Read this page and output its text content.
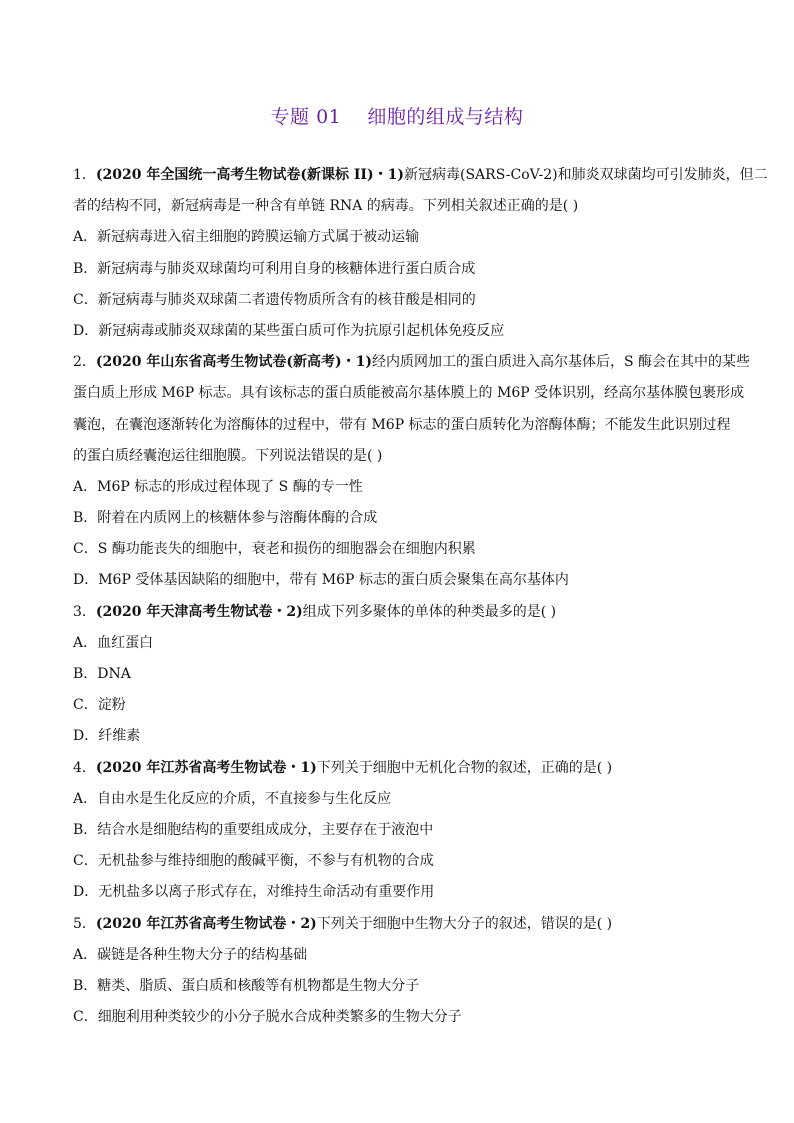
专题 01    细胞的组成与结构
1．(2020 年全国统一高考生物试卷(新课标 II)・1)新冠病毒(SARS-CoV-2)和肺炎双球菌均可引发肺炎，但二
者的结构不同，新冠病毒是一种含有单链 RNA 的病毒。下列相关叙述正确的是( )
A．新冠病毒进入宿主细胞的跨膜运输方式属于被动运输
B．新冠病毒与肺炎双球菌均可利用自身的核糖体进行蛋白质合成
C．新冠病毒与肺炎双球菌二者遗传物质所含有的核苷酸是相同的
D．新冠病毒或肺炎双球菌的某些蛋白质可作为抗原引起机体免疫反应
2．(2020 年山东省高考生物试卷(新高考)・1)经内质网加工的蛋白质进入高尔基体后，S 酶会在其中的某些
蛋白质上形成 M6P 标志。具有该标志的蛋白质能被高尔基体膜上的 M6P 受体识别，经高尔基体膜包裹形成
囊泡，在囊泡逐渐转化为溶酶体的过程中，带有 M6P 标志的蛋白质转化为溶酶体酶；不能发生此识别过程
的蛋白质经囊泡运往细胞膜。下列说法错误的是( )
A．M6P 标志的形成过程体现了 S 酶的专一性
B．附着在内质网上的核糖体参与溶酶体酶的合成
C．S 酶功能丧失的细胞中，衰老和损伤的细胞器会在细胞内积累
D．M6P 受体基因缺陷的细胞中，带有 M6P 标志的蛋白质会聚集在高尔基体内
3．(2020 年天津高考生物试卷・2)组成下列多聚体的单体的种类最多的是( )
A．血红蛋白
B．DNA
C．淀粉
D．纤维素
4．(2020 年江苏省高考生物试卷・1)下列关于细胞中无机化合物的叙述，正确的是( )
A．自由水是生化反应的介质，不直接参与生化反应
B．结合水是细胞结构的重要组成成分，主要存在于液泡中
C．无机盐参与维持细胞的酸碱平衡，不参与有机物的合成
D．无机盐多以离子形式存在，对维持生命活动有重要作用
5．(2020 年江苏省高考生物试卷・2)下列关于细胞中生物大分子的叙述，错误的是( )
A．碳链是各种生物大分子的结构基础
B．糖类、脂质、蛋白质和核酸等有机物都是生物大分子
C．细胞利用种类较少的小分子脱水合成种类繁多的生物大分子
